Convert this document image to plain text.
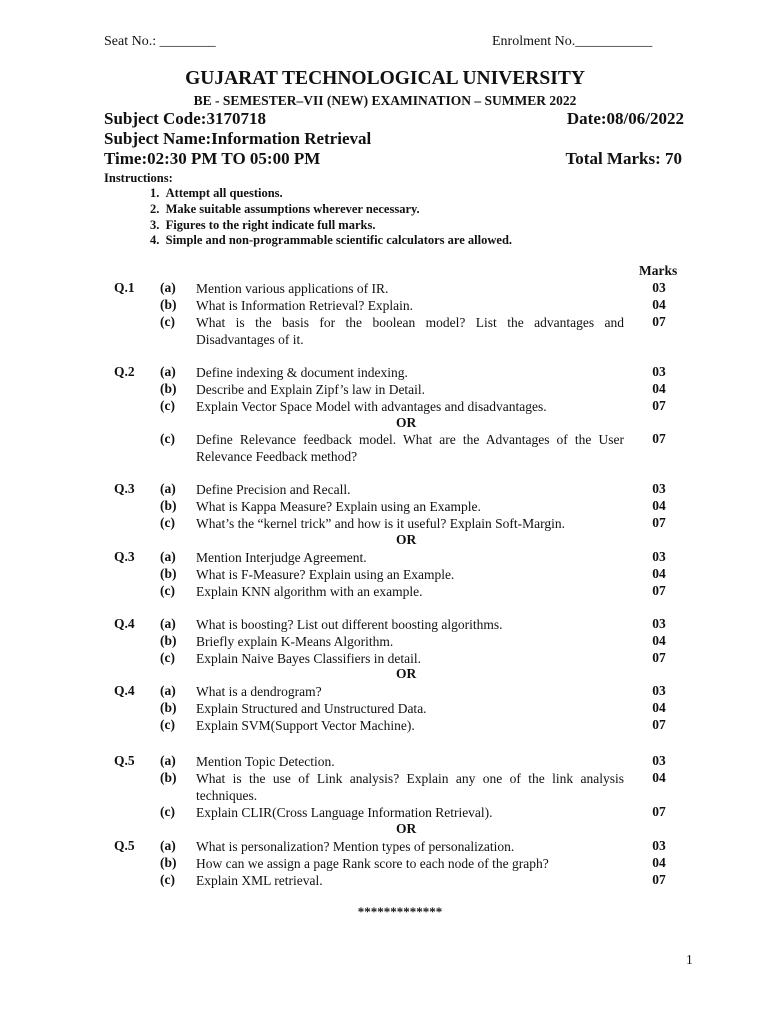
Seat No.: ________	Enrolment No.___________
GUJARAT TECHNOLOGICAL UNIVERSITY
BE - SEMESTER–VII (NEW) EXAMINATION – SUMMER 2022
Subject Code:3170718	Date:08/06/2022
Subject Name:Information Retrieval
Time:02:30 PM TO 05:00 PM	Total Marks: 70
Instructions:
1. Attempt all questions.
2. Make suitable assumptions wherever necessary.
3. Figures to the right indicate full marks.
4. Simple and non-programmable scientific calculators are allowed.
Marks
Q.1 (a) Mention various applications of IR.	03
(b) What is Information Retrieval? Explain.	04
(c) What is the basis for the boolean model? List the advantages and Disadvantages of it.
07
Q.2 (a) Define indexing & document indexing.	03
(b) Describe and Explain Zipf’s law in Detail.	04
(c) Explain Vector Space Model with advantages and disadvantages.	07
OR
(c) Define Relevance feedback model. What are the Advantages of the User Relevance Feedback method?
07
Q.3 (a) Define Precision and Recall.	03
(b) What is Kappa Measure? Explain using an Example.	04
(c) What’s the “kernel trick” and how is it useful? Explain Soft-Margin.	07
OR
Q.3 (a) Mention Interjudge Agreement.	03
(b) What is F-Measure? Explain using an Example.	04
(c) Explain KNN algorithm with an example.	07
Q.4 (a) What is boosting? List out different boosting algorithms.	03
(b) Briefly explain K-Means Algorithm.	04
(c) Explain Naive Bayes Classifiers in detail.	07
OR
Q.4 (a) What is a dendrogram?	03
(b) Explain Structured and Unstructured Data.	04
(c) Explain SVM(Support Vector Machine).	07
Q.5 (a) Mention Topic Detection.	03
(b) What is the use of Link analysis? Explain any one of the link analysis techniques.
04
(c) Explain CLIR(Cross Language Information Retrieval).	07
OR
Q.5 (a) What is personalization? Mention types of personalization.	03
(b) How can we assign a page Rank score to each node of the graph?	04
(c) Explain XML retrieval.	07
*************
1
